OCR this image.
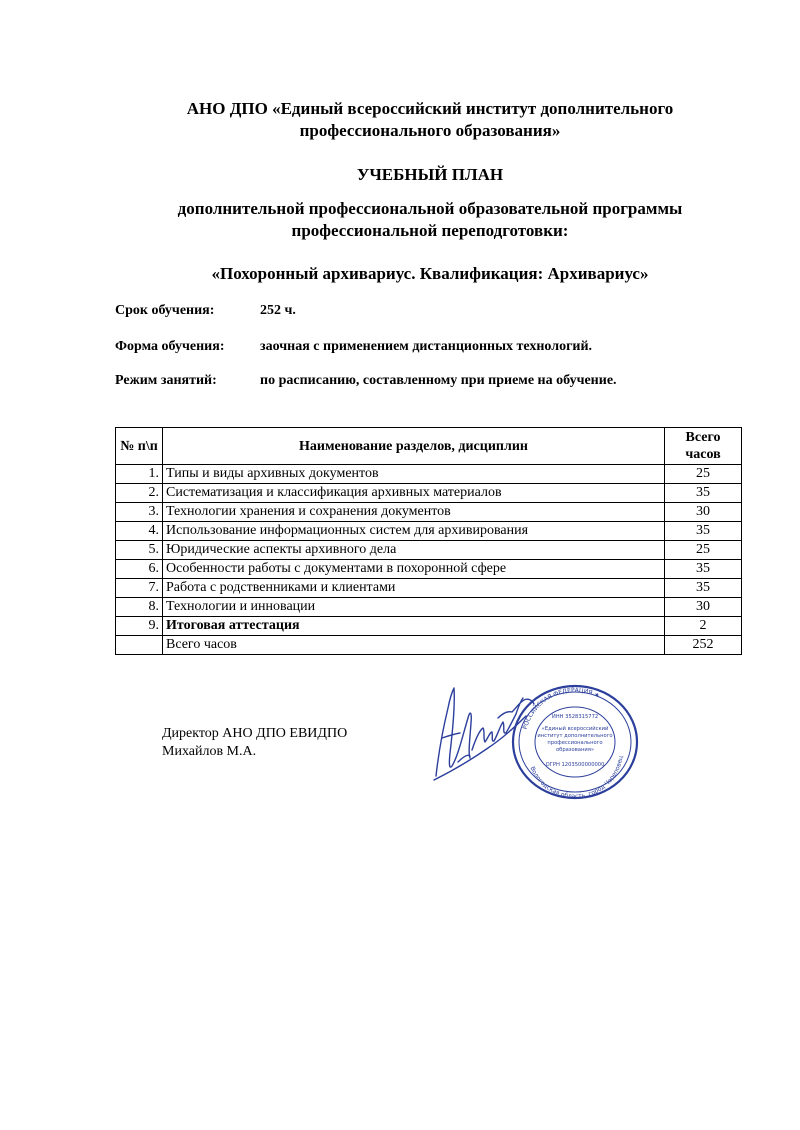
АНО ДПО «Единый всероссийский институт дополнительного
профессионального образования»
УЧЕБНЫЙ ПЛАН
дополнительной профессиональной образовательной программы
профессиональной переподготовки:
«Похоронный архивариус. Квалификация: Архивариус»
Срок обучения:	252 ч.
Форма обучения:	заочная с применением дистанционных технологий.
Режим занятий:	по расписанию, составленному при приеме на обучение.
№ п\п	Наименование разделов, дисциплин	Всего
часов

1.	Типы и виды архивных документов	25
2.	Систематизация и классификация архивных материалов	35
3.	Технологии хранения и сохранения документов	30
4.	Использование информационных систем для архивирования	35
5.	Юридические аспекты архивного дела	25
6.	Особенности работы с документами в похоронной сфере	35
7.	Работа с родственниками и клиентами	35
8.	Технологии и инновации	30
9.	Итоговая аттестация	2
	Всего часов	252
Директор АНО ДПО ЕВИДПО
Михайлов М.А.
РОССИЙСКАЯ ФЕДЕРАЦИЯ ★
Вологодская область, город Череповец
ИНН 3528315772
«Единый всероссийский
институт дополнительного
профессионального
образования»
ОГРН 1203500000000
